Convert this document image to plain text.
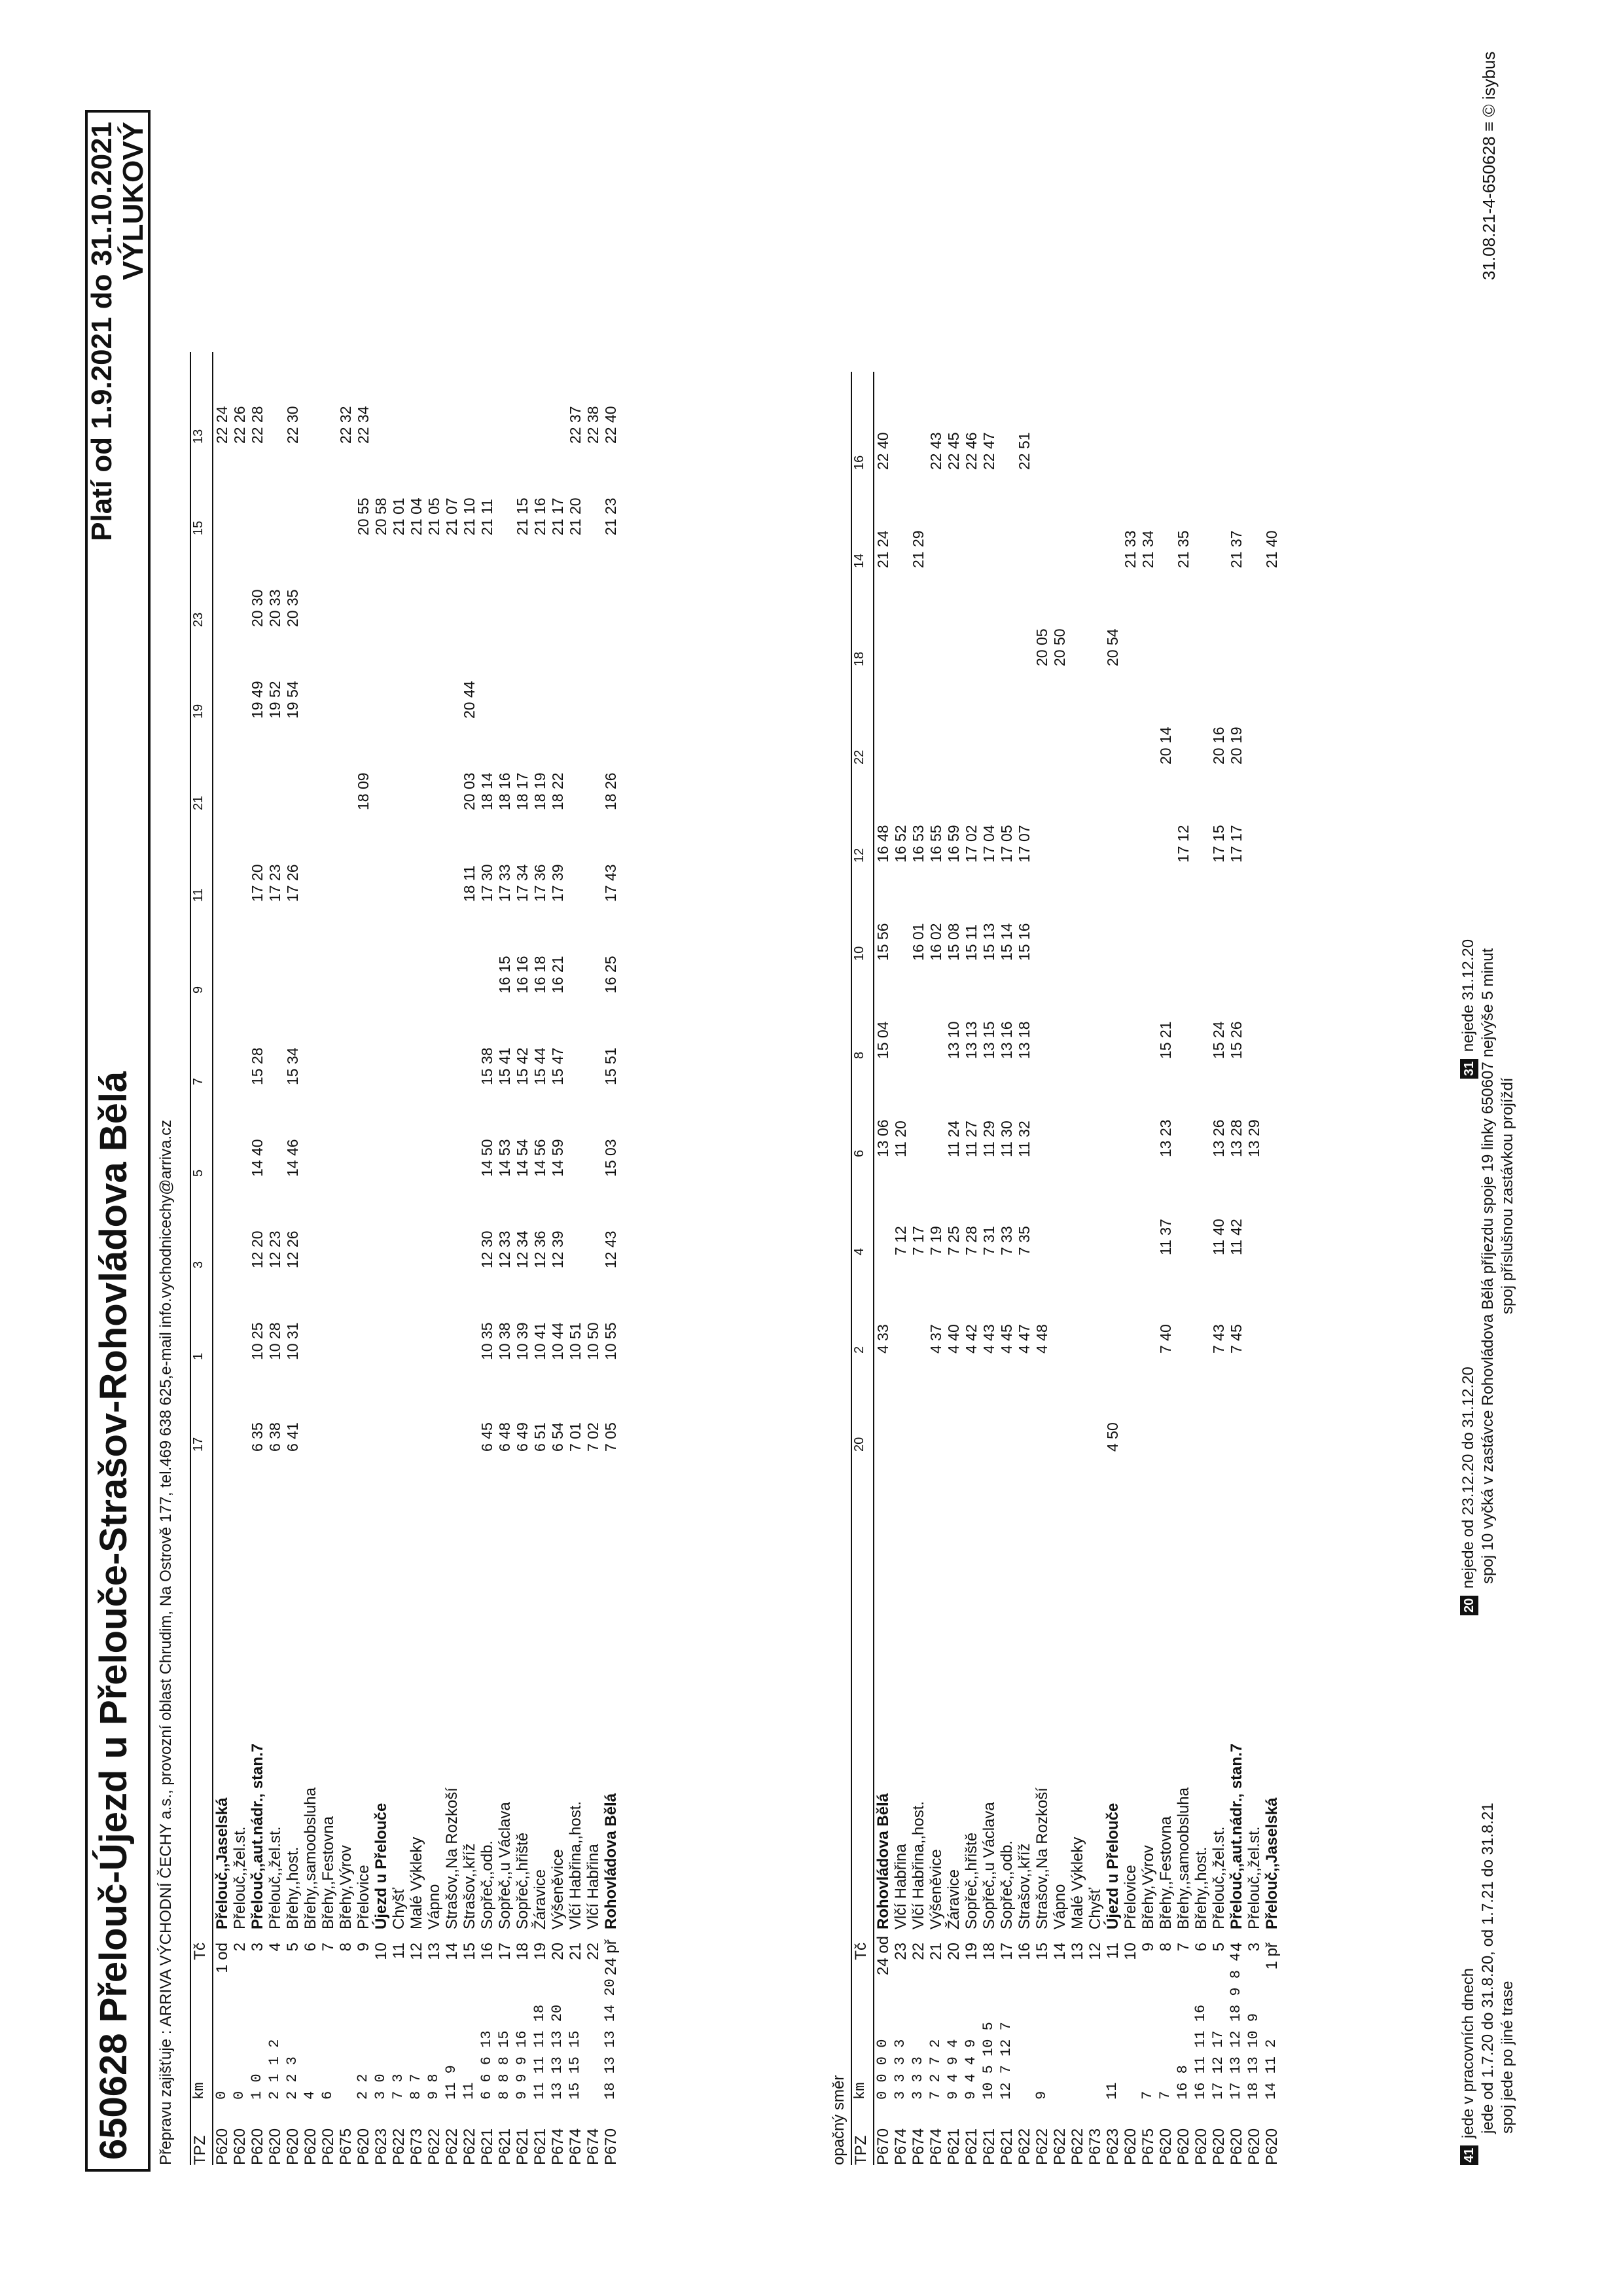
650628 Přelouč-Újezd u Přelouče-Strašov-Rohovládova Bělá
Platí od 1.9.2021 do 31.10.2021 VÝLUKOVÝ
Přepravu zajišťuje : ARRIVA VÝCHODNÍ ČECHY a.s., provozní oblast Chrudim, Na Ostrově 177, tel.469 638 625,e-mail info.vychodnicechy@arriva.cz TPZ
km
Tč
17
1
3
5
7
9
11
21
19
23
15
13
P620
0
1 od
Přelouč,,Jaselská
22 24
P620
0
2
Přelouč,,žel.st.
22 26
P620
1 0
3
Přelouč,,aut.nádr., stan.7
6 35
10 25
12 20
14 40
15 28
17 20
19 49
20 30
22 28
P620
2 1 1 2
4
Přelouč,,žel.st.
6 38
10 28
12 23
17 23
19 52
20 33
P620
2 2 3
5
Břehy,,host.
6 41
10 31
12 26
14 46
15 34
17 26
19 54
20 35
22 30
P620
4
6
Břehy,,samoobsluha
P620
6
7
Břehy,,Festovna
P675
8
Břehy,Výrov
22 32
P620
2 2
9
Přelovice
18 09
20 55
22 34
P623
3 0
10
Újezd u Přelouče
20 58
P622
7 3
11
Chyšť
21 01
P673
8 7
12
Malé Výkleky
21 04
P622
9 8
13
Vápno
21 05
P622
11 9
14
Strašov,,Na Rozkoší
21 07
P622
11
15
Strašov,,kříž
18 11
20 03
20 44
21 10
P621
6 6 6 13
16
Sopřeč,,odb.
6 45
10 35
12 30
14 50
15 38
17 30
18 14
21 11
P621
8 8 8 15
17
Sopřeč,,u Václava
6 48
10 38
12 33
14 53
15 41
16 15
17 33
18 16
P621
9 9 9 16
18
Sopřeč,,hřiště
6 49
10 39
12 34
14 54
15 42
16 16
17 34
18 17
21 15
P621
11 11 11 18
19
Žáravice
6 51
10 41
12 36
14 56
15 44
16 18
17 36
18 19
21 16
P674
13 13 13 20
20
Výšeněvice
6 54
10 44
12 39
14 59
15 47
16 21
17 39
18 22
21 17
P674
15 15 15
21
Vlčí Habřina,,host.
7 01
10 51
21 20
22 37
P674
22
Vlčí Habřina
7 02
10 50
22 38
P670
18 13 13 14 20
24 př
Rohovládova Bělá
7 05
10 55
12 43
15 03
15 51
16 25
17 43
18 26
21 23
22 40
opačný směr TPZ
km
Tč
20
2
4
6
8
10
12
22
18
14
16
P670
0 0 0 0
24 od
Rohovládova Bělá
4 33
13 06
15 04
15 56
16 48
21 24
22 40
P674
3 3 3 3
23
Vlčí Habřina
7 12
11 20
16 52
P674
3 3 3
22
Vlčí Habřina,,host.
7 17
16 01
16 53
21 29
P674
7 2 7 2
21
Výšeněvice
4 37
7 19
16 02
16 55
22 43
P621
9 4 9 4
20
Žáravice
4 40
7 25
11 24
13 10
15 08
16 59
22 45
P621
9 4 4 9
19
Sopřeč,,hřiště
4 42
7 28
11 27
13 13
15 11
17 02
22 46
P621
10 5 10 5
18
Sopřeč,,u Václava
4 43
7 31
11 29
13 15
15 13
17 04
22 47
P621
12 7 12 7
17
Sopřeč,,odb.
4 45
7 33
11 30
13 16
15 14
17 05
P622
16
Strašov,,kříž
4 47
7 35
11 32
13 18
15 16
17 07
22 51
P622
9
15
Strašov,,Na Rozkoší
4 48
20 05
P622
14
Vápno
20 50
P622
13
Malé Výkleky
P673
12
Chyšť
P623
11
11
Újezd u Přelouče
4 50
20 54
P620
10
Přelovice
21 33
P675
7
9
Břehy,Výrov
21 34
P620
7
8
Břehy,,Festovna
7 40
11 37
13 23
15 21
20 14
P620
16 8
7
Břehy,,samoobsluha
17 12
21 35
P620
16 11 11 16
6
Břehy,,host.
P620
17 12 17
5
Přelouč,,žel.st.
7 43
11 40
13 26
15 24
17 15
20 16
P620
17 13 12 18 9 8 4
4
Přelouč,,aut.nádr., stan.7
7 45
11 42
13 28
15 26
17 17
20 19
21 37
P620
18 13 10 9
3
Přelouč,,žel.st.
13 29
P620
14 11 2
1 př
Přelouč,,Jaselská
21 40
41 jede v pracovních dnech jede od 1.7.20 do 31.8.20, od 1.7.21 do 31.8.21 spoj jede po jiné trase
20 nejede od 23.12.20 do 31.12.20 spoj 10 vyčká v zastávce Rohovládova Bělá příjezdu spoje 19 linky 650607 nejvýše 5 minut spoj příslušnou zastávkou projíždí
31 nejede 31.12.20
31.08.21-4-650628 ≡ © isybus
